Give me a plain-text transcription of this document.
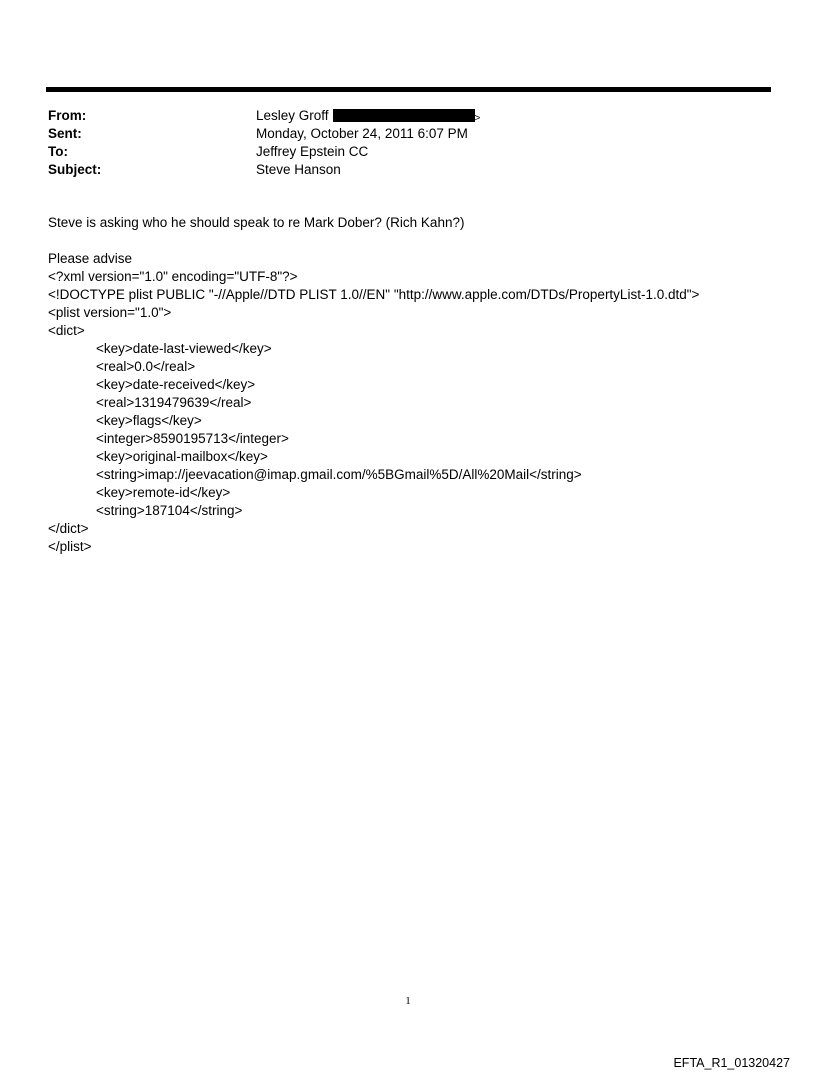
From:	Lesley Groff	>
Sent:	Monday, October 24, 2011 6:07 PM
To:	Jeffrey Epstein CC
Subject:	Steve Hanson
Steve is asking who he should speak to re Mark Dober? (Rich Kahn?)
Please advise
<?xml version="1.0" encoding="UTF-8"?>
<!DOCTYPE plist PUBLIC "-//Apple//DTD PLIST 1.0//EN" "http://www.apple.com/DTDs/PropertyList-1.0.dtd">
<plist version="1.0">
<dict>
<key>date-last-viewed</key>
<real>0.0</real>
<key>date-received</key>
<real>1319479639</real>
<key>flags</key>
<integer>8590195713</integer>
<key>original-mailbox</key>
<string>imap://jeevacation@imap.gmail.com/%5BGmail%5D/All%20Mail</string>
<key>remote-id</key>
<string>187104</string>
</dict>
</plist>
1
EFTA_R1_01320427
